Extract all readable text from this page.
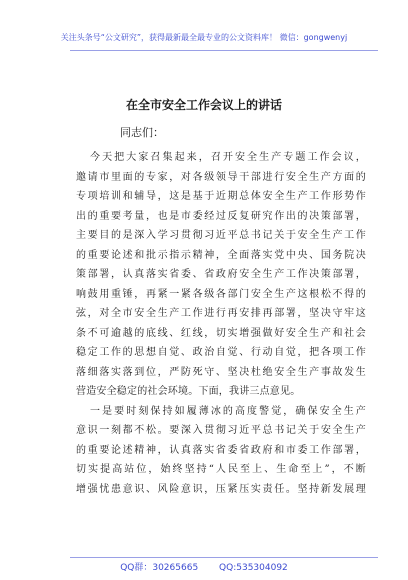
关注头条号“公文研究”，获得最新最全最专业的公文资料库！ 微信：gongwenyj
在全市安全工作会议上的讲话
同志们：
今天把大家召集起来，召开安全生产专题工作会议，
邀请市里面的专家，对各级领导干部进行安全生产方面的
专项培训和辅导，这是基于近期总体安全生产工作形势作
出的重要考量，也是市委经过反复研究作出的决策部署，
主要目的是深入学习贯彻习近平总书记关于安全生产工作
的重要论述和批示指示精神，全面落实党中央、国务院决
策部署，认真落实省委、省政府安全生产工作决策部署，
响鼓用重锤，再紧一紧各级各部门安全生产这根松不得的
弦，对全市安全生产工作进行再安排再部署，坚决守牢这
条不可逾越的底线、红线，切实增强做好安全生产和社会
稳定工作的思想自觉、政治自觉、行动自觉，把各项工作
落细落实落到位，严防死守、坚决杜绝安全生产事故发生
营造安全稳定的社会环境。下面，我讲三点意见。
一是要时刻保持如履薄冰的高度警觉，确保安全生产
意识一刻都不松。要深入贯彻习近平总书记关于安全生产
的重要论述精神，认真落实省委省政府和市委工作部署，
切实提高站位，始终坚持“人民至上、生命至上”，不断
增强忧患意识、风险意识，压紧压实责任。坚持新发展理
QQ群：30265665 QQ:535304092
